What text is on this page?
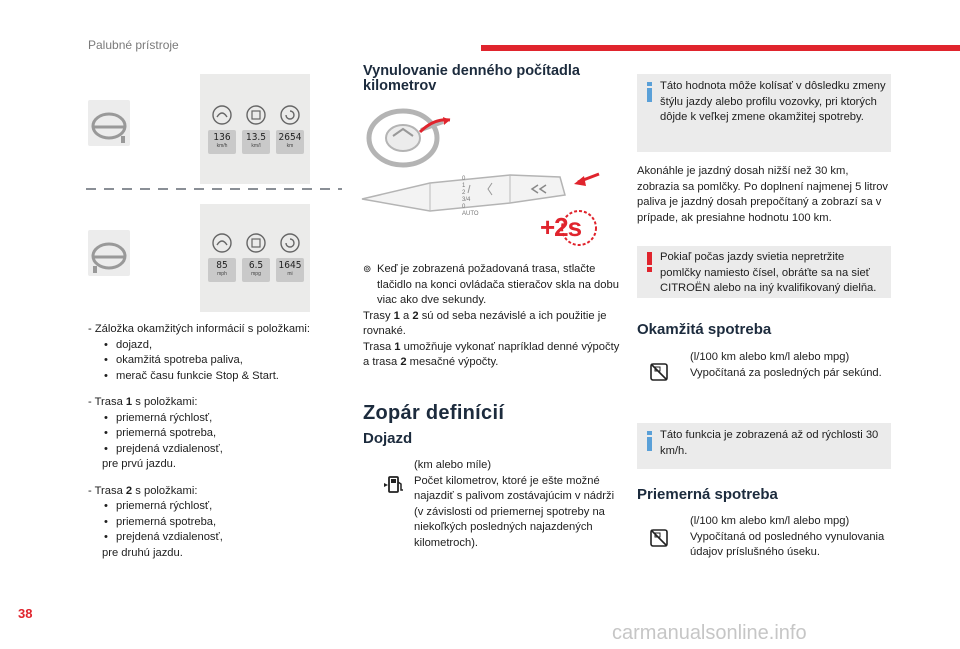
Palubné prístroje
136
km/h
13.5
km/l
2654
km
85
mph
6.5
mpg
1645
mi
- Záložka okamžitých informácií s položkami:
• dojazd,
• okamžitá spotreba paliva,
• merač času funkcie Stop & Start.
- Trasa 1 s položkami:
• priemerná rýchlosť,
• priemerná spotreba,
• prejdená vzdialenosť,
pre prvú jazdu.
- Trasa 2 s položkami:
• priemerná rýchlosť,
• priemerná spotreba,
• prejdená vzdialenosť,
pre druhú jazdu.
Vynulovanie denného počítadla kilometrov
0
1
2
3/4
0
AUTO +2s
⊚ Keď je zobrazená požadovaná trasa, stlačte tlačidlo na konci ovládača stieračov skla na dobu viac ako dve sekundy.
Trasy 1 a 2 sú od seba nezávislé a ich použitie je rovnaké.
Trasa 1 umožňuje vykonať napríklad denné výpočty a trasa 2 mesačné výpočty.
Zopár definícií
Dojazd
(km alebo míle)
Počet kilometrov, ktoré je ešte možné najazdiť s palivom zostávajúcim v nádrži (v závislosti od priemernej spotreby na niekoľkých posledných najazdených kilometroch).
Táto hodnota môže kolísať v dôsledku zmeny štýlu jazdy alebo profilu vozovky, pri ktorých dôjde k veľkej zmene okamžitej spotreby.
Akonáhle je jazdný dosah nižší než 30 km, zobrazia sa pomlčky. Po doplnení najmenej 5 litrov paliva je jazdný dosah prepočítaný a zobrazí sa v prípade, ak presiahne hodnotu 100 km.
Pokiaľ počas jazdy svietia nepretržite pomlčky namiesto čísel, obráťte sa na sieť CITROËN alebo na iný kvalifikovaný dielňa.
Okamžitá spotreba
(l/100 km alebo km/l alebo mpg)
Vypočítaná za posledných pár sekúnd.
Táto funkcia je zobrazená až od rýchlosti 30 km/h.
Priemerná spotreba
(l/100 km alebo km/l alebo mpg)
Vypočítaná od posledného vynulovania údajov príslušného úseku.
38
carmanualsonline.info
